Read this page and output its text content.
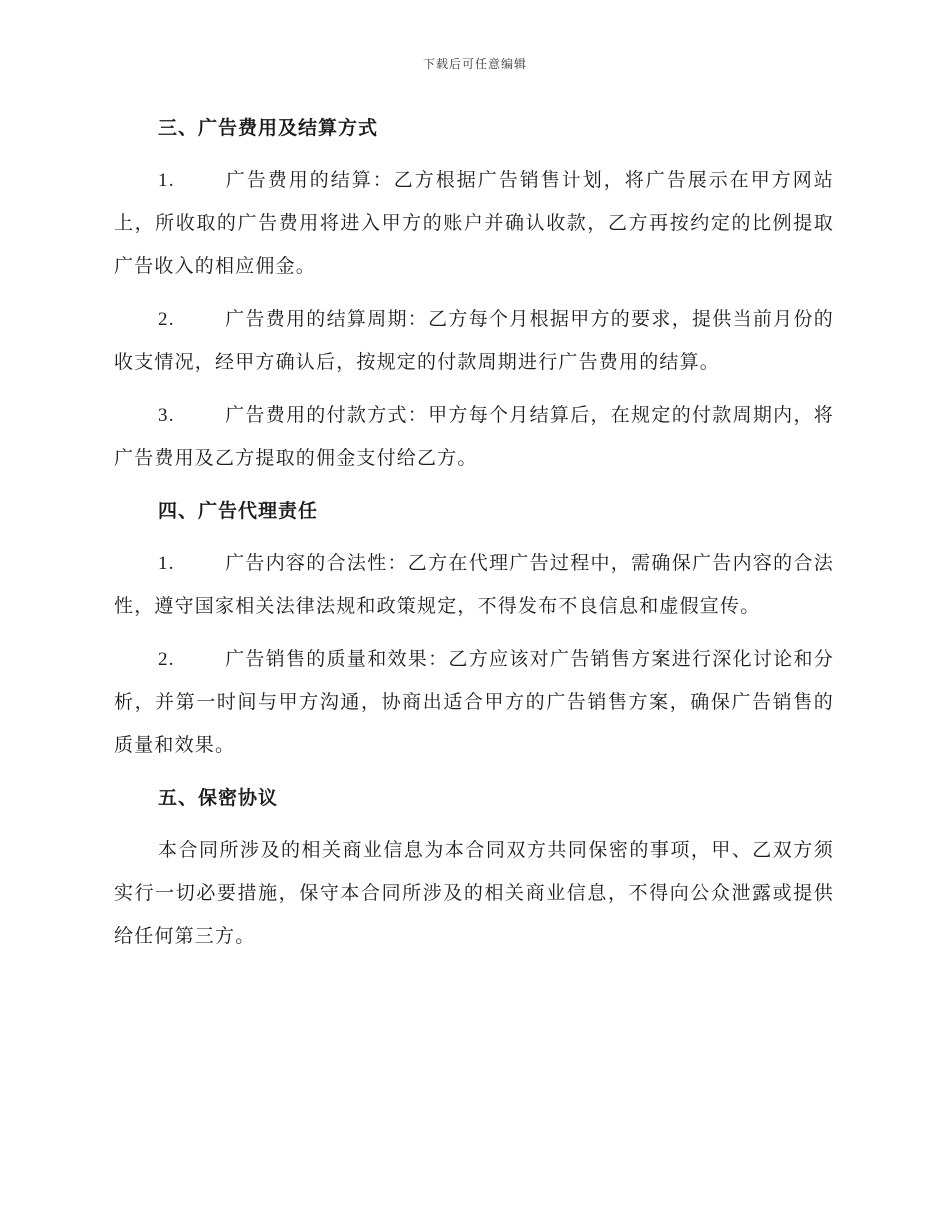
下载后可任意编辑
三、广告费用及结算方式

1.	广告费用的结算：乙方根据广告销售计划，将广告展示在甲方网站上，所收取的广告费用将进入甲方的账户并确认收款，乙方再按约定的比例提取广告收入的相应佣金。

2.	广告费用的结算周期：乙方每个月根据甲方的要求，提供当前月份的收支情况，经甲方确认后，按规定的付款周期进行广告费用的结算。

3.	广告费用的付款方式：甲方每个月结算后，在规定的付款周期内，将广告费用及乙方提取的佣金支付给乙方。

四、广告代理责任

1.	广告内容的合法性：乙方在代理广告过程中，需确保广告内容的合法性，遵守国家相关法律法规和政策规定，不得发布不良信息和虚假宣传。

2.	广告销售的质量和效果：乙方应该对广告销售方案进行深化讨论和分析，并第一时间与甲方沟通，协商出适合甲方的广告销售方案，确保广告销售的质量和效果。

五、保密协议

本合同所涉及的相关商业信息为本合同双方共同保密的事项，甲、乙双方须实行一切必要措施，保守本合同所涉及的相关商业信息，不得向公众泄露或提供给任何第三方。
